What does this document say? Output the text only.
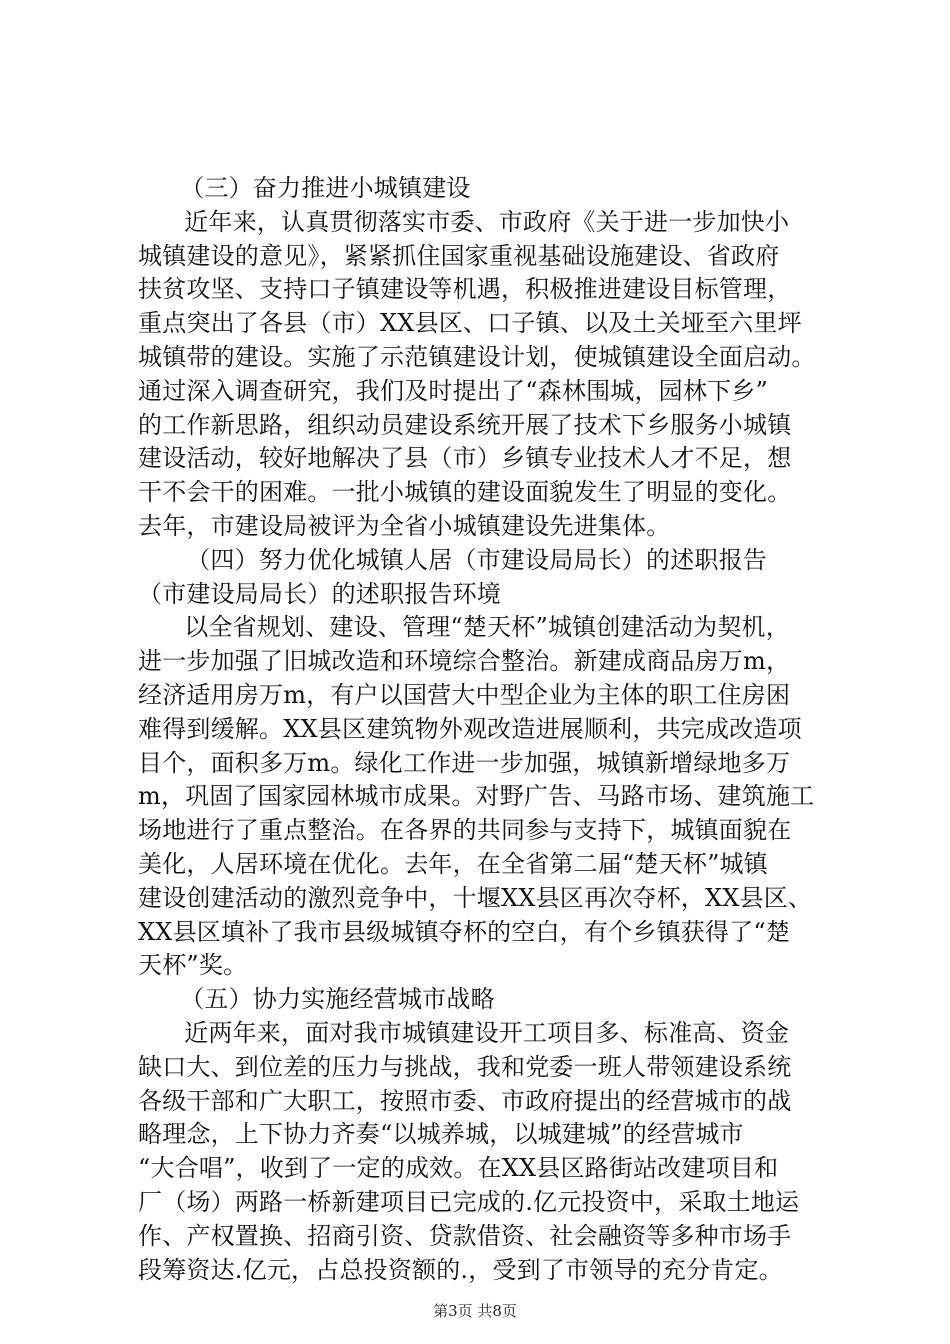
　（三）奋力推进小城镇建设
　近年来，认真贯彻落实市委、市政府《关于进一步加快小
城镇建设的意见》，紧紧抓住国家重视基础设施建设、省政府
扶贫攻坚、支持口子镇建设等机遇，积极推进建设目标管理，
重点突出了各县（市）XX县区、口子镇、以及土关垭至六里坪
城镇带的建设。实施了示范镇建设计划，使城镇建设全面启动。
通过深入调查研究，我们及时提出了“森林围城，园林下乡”
的工作新思路，组织动员建设系统开展了技术下乡服务小城镇
建设活动，较好地解决了县（市）乡镇专业技术人才不足，想
干不会干的困难。一批小城镇的建设面貌发生了明显的变化。
去年，市建设局被评为全省小城镇建设先进集体。
　（四）努力优化城镇人居（市建设局局长）的述职报告
（市建设局局长）的述职报告环境
　以全省规划、建设、管理“楚天杯”城镇创建活动为契机，
进一步加强了旧城改造和环境综合整治。新建成商品房万m，
经济适用房万m，有户以国营大中型企业为主体的职工住房困
难得到缓解。XX县区建筑物外观改造进展顺利，共完成改造项
目个，面积多万m。绿化工作进一步加强，城镇新增绿地多万
m，巩固了国家园林城市成果。对野广告、马路市场、建筑施工
场地进行了重点整治。在各界的共同参与支持下，城镇面貌在
美化，人居环境在优化。去年，在全省第二届“楚天杯”城镇
建设创建活动的激烈竞争中，十堰XX县区再次夺杯，XX县区、
XX县区填补了我市县级城镇夺杯的空白，有个乡镇获得了“楚
天杯”奖。
　（五）协力实施经营城市战略
　近两年来，面对我市城镇建设开工项目多、标准高、资金
缺口大、到位差的压力与挑战，我和党委一班人带领建设系统
各级干部和广大职工，按照市委、市政府提出的经营城市的战
略理念，上下协力齐奏“以城养城，以城建城”的经营城市
“大合唱”，收到了一定的成效。在XX县区路街站改建项目和
厂（场）两路一桥新建项目已完成的.亿元投资中，采取土地运
作、产权置换、招商引资、贷款借资、社会融资等多种市场手
段筹资达.亿元，占总投资额的.，受到了市领导的充分肯定。
第3页 共8页
